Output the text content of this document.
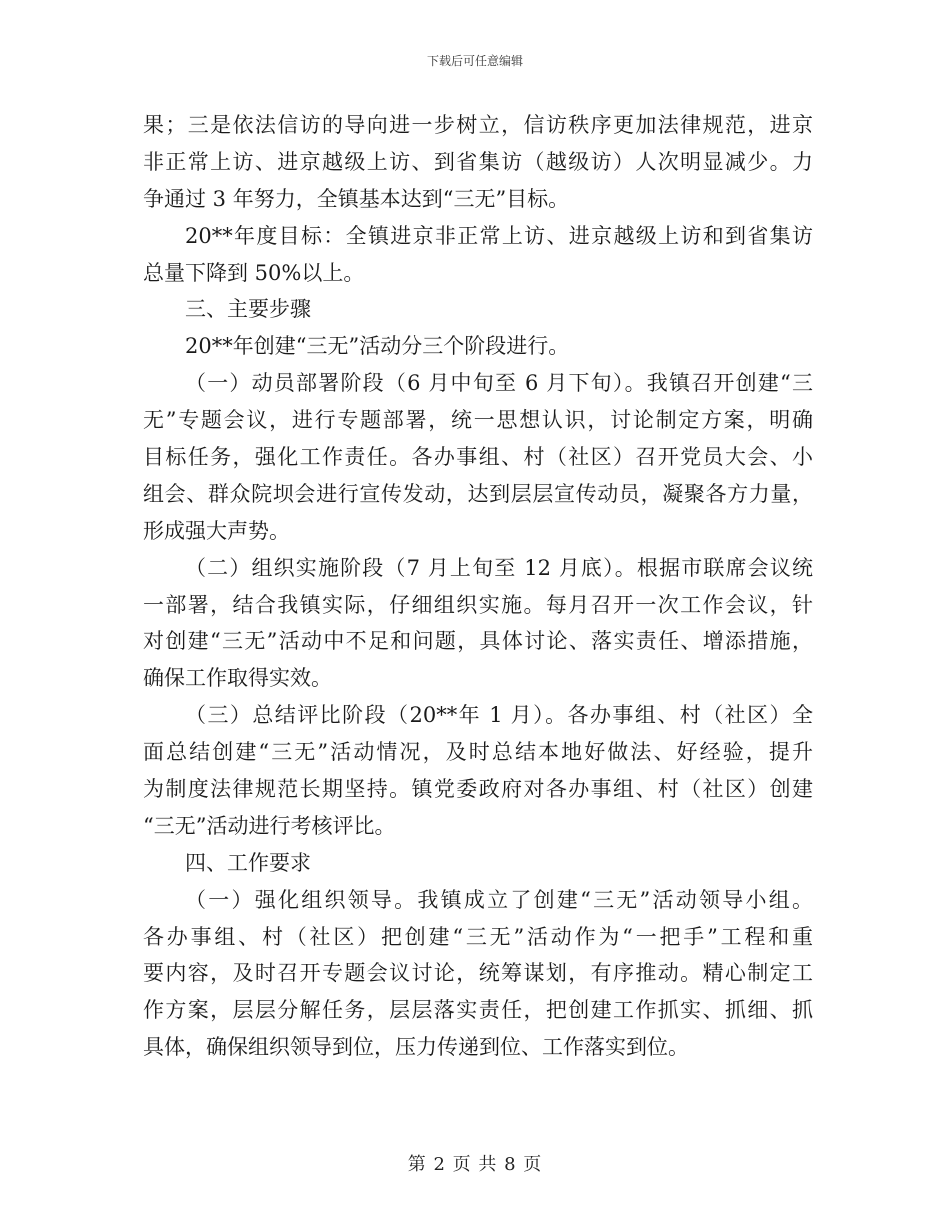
下载后可任意编辑
果；三是依法信访的导向进一步树立，信访秩序更加法律规范，进京
非正常上访、进京越级上访、到省集访（越级访）人次明显减少。力
争通过 3 年努力，全镇基本达到“三无”目标。
20**年度目标：全镇进京非正常上访、进京越级上访和到省集访
总量下降到 50%以上。
三、主要步骤
20**年创建“三无”活动分三个阶段进行。
（一）动员部署阶段（6 月中旬至 6 月下旬）。我镇召开创建“三
无”专题会议，进行专题部署，统一思想认识，讨论制定方案，明确
目标任务，强化工作责任。各办事组、村（社区）召开党员大会、小
组会、群众院坝会进行宣传发动，达到层层宣传动员，凝聚各方力量，
形成强大声势。
（二）组织实施阶段（7 月上旬至 12 月底）。根据市联席会议统
一部署，结合我镇实际，仔细组织实施。每月召开一次工作会议，针
对创建“三无”活动中不足和问题，具体讨论、落实责任、增添措施，
确保工作取得实效。
（三）总结评比阶段（20**年 1 月）。各办事组、村（社区）全
面总结创建“三无”活动情况，及时总结本地好做法、好经验，提升
为制度法律规范长期坚持。镇党委政府对各办事组、村（社区）创建
“三无”活动进行考核评比。
四、工作要求
（一）强化组织领导。我镇成立了创建“三无”活动领导小组。
各办事组、村（社区）把创建“三无”活动作为“一把手”工程和重
要内容，及时召开专题会议讨论，统筹谋划，有序推动。精心制定工
作方案，层层分解任务，层层落实责任，把创建工作抓实、抓细、抓
具体，确保组织领导到位，压力传递到位、工作落实到位。
第 2 页 共 8 页
